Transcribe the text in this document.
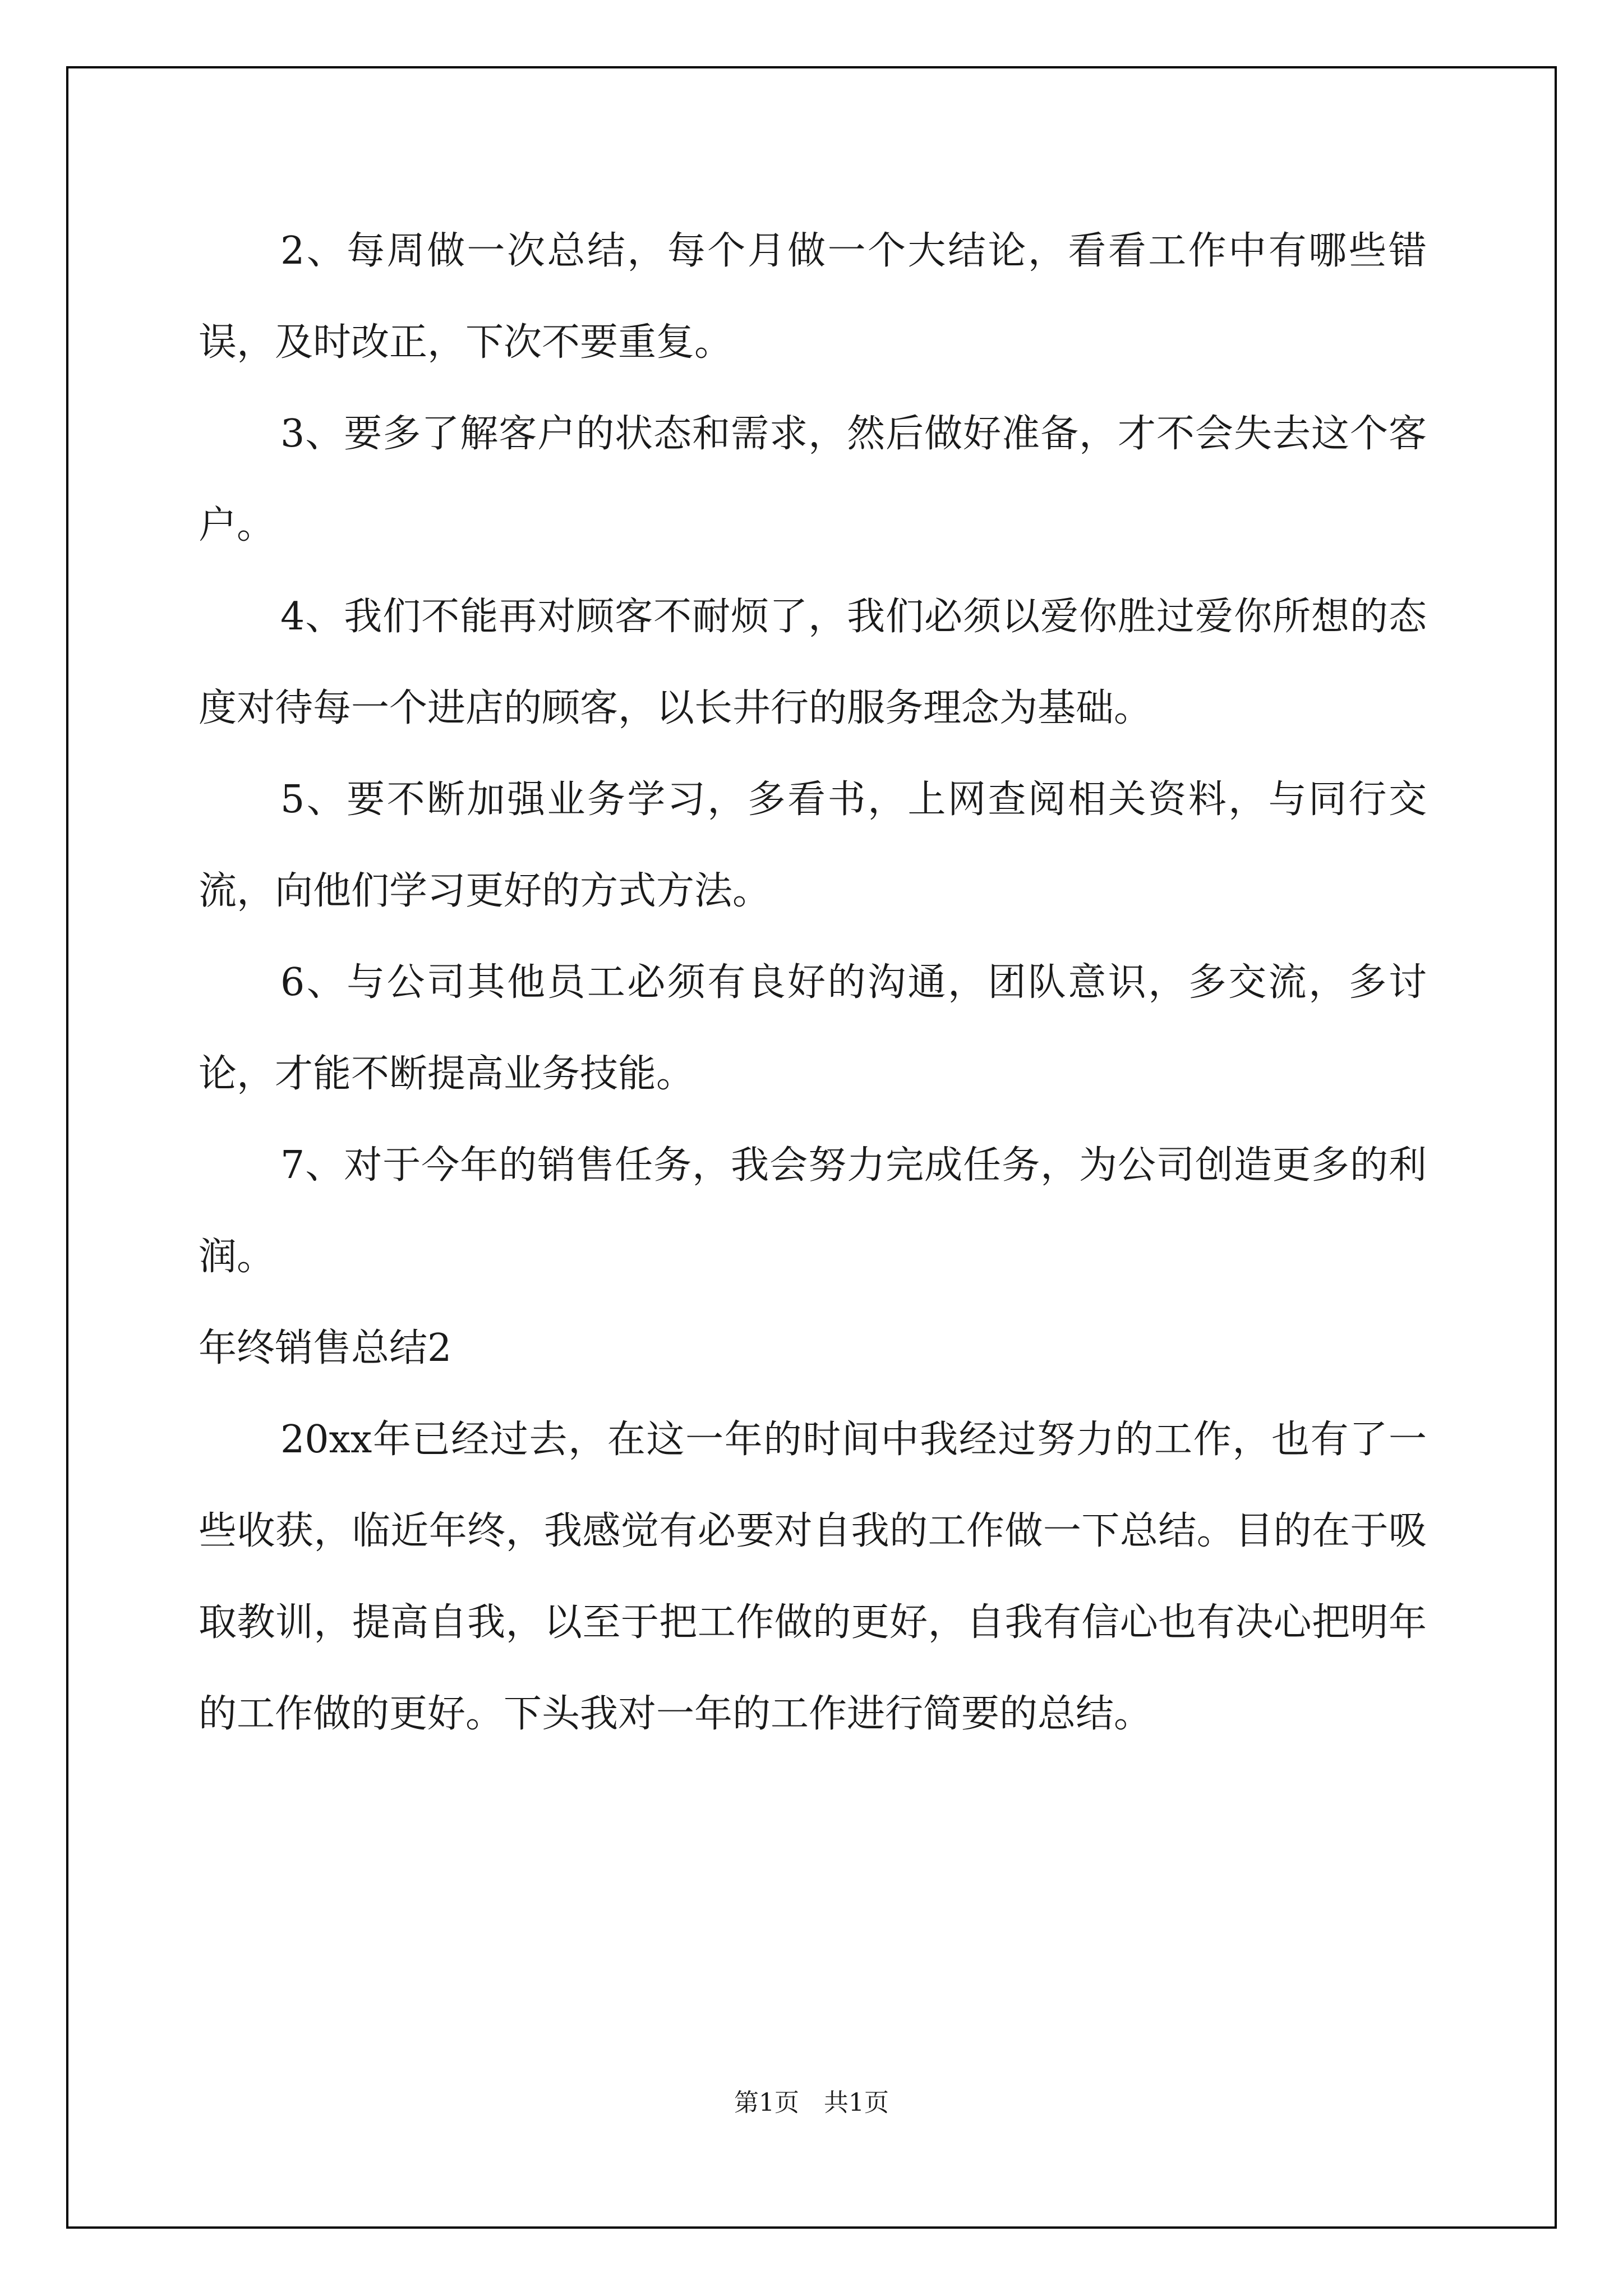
2、每周做一次总结，每个月做一个大结论，看看工作中有哪些错误，及时改正，下次不要重复。

3、要多了解客户的状态和需求，然后做好准备，才不会失去这个客户。

4、我们不能再对顾客不耐烦了，我们必须以爱你胜过爱你所想的态度对待每一个进店的顾客，以长井行的服务理念为基础。

5、要不断加强业务学习，多看书，上网查阅相关资料，与同行交流，向他们学习更好的方式方法。

6、与公司其他员工必须有良好的沟通，团队意识，多交流，多讨论，才能不断提高业务技能。

7、对于今年的销售任务，我会努力完成任务，为公司创造更多的利润。

年终销售总结2

20xx年已经过去，在这一年的时间中我经过努力的工作，也有了一些收获，临近年终，我感觉有必要对自我的工作做一下总结。目的在于吸取教训，提高自我，以至于把工作做的更好，自我有信心也有决心把明年的工作做的更好。下头我对一年的工作进行简要的总结。

第1页　共1页
